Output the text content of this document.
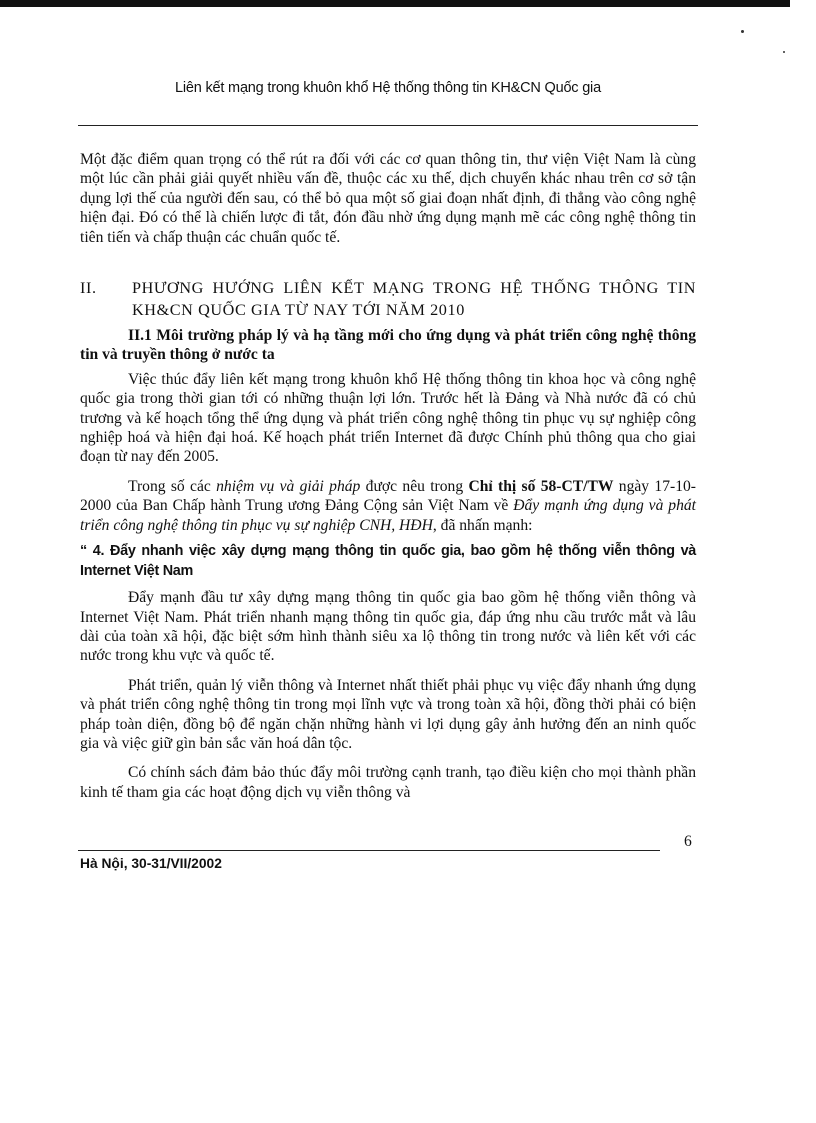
Liên kết mạng trong khuôn khổ Hệ thống thông tin KH&CN Quốc gia

Một đặc điểm quan trọng có thể rút ra đối với các cơ quan thông tin, thư viện Việt Nam là cùng một lúc cần phải giải quyết nhiều vấn đề, thuộc các xu thế, dịch chuyển khác nhau trên cơ sở tận dụng lợi thế của người đến sau, có thể bỏ qua một số giai đoạn nhất định, đi thẳng vào công nghệ hiện đại. Đó có thể là chiến lược đi tắt, đón đầu nhờ ứng dụng mạnh mẽ các công nghệ thông tin tiên tiến và chấp thuận các chuẩn quốc tế.

II.	PHƯƠNG HƯỚNG LIÊN KẾT MẠNG TRONG HỆ THỐNG THÔNG TIN KH&CN QUỐC GIA TỪ NAY TỚI NĂM 2010

II.1 Môi trường pháp lý và hạ tầng mới cho ứng dụng và phát triển công nghệ thông tin và truyền thông ở nước ta

Việc thúc đẩy liên kết mạng trong khuôn khổ Hệ thống thông tin khoa học và công nghệ quốc gia trong thời gian tới có những thuận lợi lớn. Trước hết là Đảng và Nhà nước đã có chủ trương và kế hoạch tổng thể ứng dụng và phát triển công nghệ thông tin phục vụ sự nghiệp công nghiệp hoá và hiện đại hoá. Kế hoạch phát triển Internet đã được Chính phủ thông qua cho giai đoạn từ nay đến 2005.

Trong số các nhiệm vụ và giải pháp được nêu trong Chỉ thị số 58-CT/TW ngày 17-10-2000 của Ban Chấp hành Trung ương Đảng Cộng sản Việt Nam về Đẩy mạnh ứng dụng và phát triển công nghệ thông tin phục vụ sự nghiệp CNH, HĐH, đã nhấn mạnh:

“ 4. Đẩy nhanh việc xây dựng mạng thông tin quốc gia, bao gồm hệ thống viễn thông và Internet Việt Nam

Đẩy mạnh đầu tư xây dựng mạng thông tin quốc gia bao gồm hệ thống viễn thông và Internet Việt Nam. Phát triển nhanh mạng thông tin quốc gia, đáp ứng nhu cầu trước mắt và lâu dài của toàn xã hội, đặc biệt sớm hình thành siêu xa lộ thông tin trong nước và liên kết với các nước trong khu vực và quốc tế.

Phát triển, quản lý viễn thông và Internet nhất thiết phải phục vụ việc đẩy nhanh ứng dụng và phát triển công nghệ thông tin trong mọi lĩnh vực và trong toàn xã hội, đồng thời phải có biện pháp toàn diện, đồng bộ để ngăn chặn những hành vi lợi dụng gây ảnh hưởng đến an ninh quốc gia và việc giữ gìn bản sắc văn hoá dân tộc.

Có chính sách đảm bảo thúc đẩy môi trường cạnh tranh, tạo điều kiện cho mọi thành phần kinh tế tham gia các hoạt động dịch vụ viễn thông và

6
Hà Nội, 30-31/VII/2002
